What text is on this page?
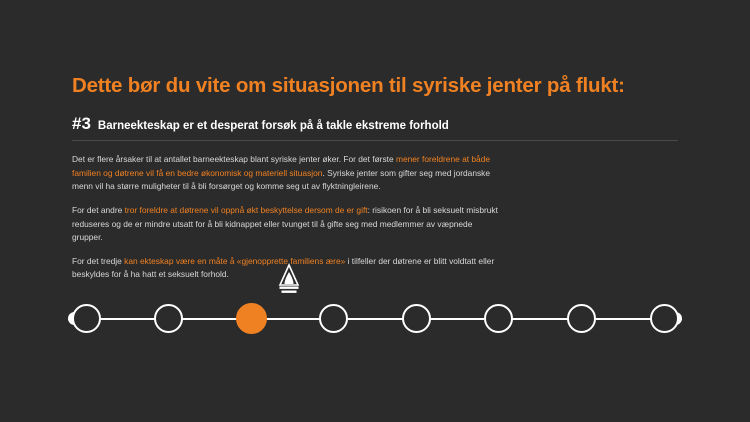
Dette bør du vite om situasjonen til syriske jenter på flukt:
#3 Barneekteskap er et desperat forsøk på å takle ekstreme forhold

Det er flere årsaker til at antallet barneekteskap blant syriske jenter øker. For det første mener foreldrene at både familien og døtrene vil få en bedre økonomisk og materiell situasjon. Syriske jenter som gifter seg med jordanske menn vil ha større muligheter til å bli forsørget og komme seg ut av flyktningleirene.

For det andre tror foreldre at døtrene vil oppnå økt beskyttelse dersom de er gift: risikoen for å bli seksuelt misbrukt reduseres og de er mindre utsatt for å bli kidnappet eller tvunget til å gifte seg med medlemmer av væpnede grupper.

For det tredje kan ekteskap være en måte å «gjenopprette familiens ære» i tilfeller der døtrene er blitt voldtatt eller beskyldes for å ha hatt et seksuelt forhold.
